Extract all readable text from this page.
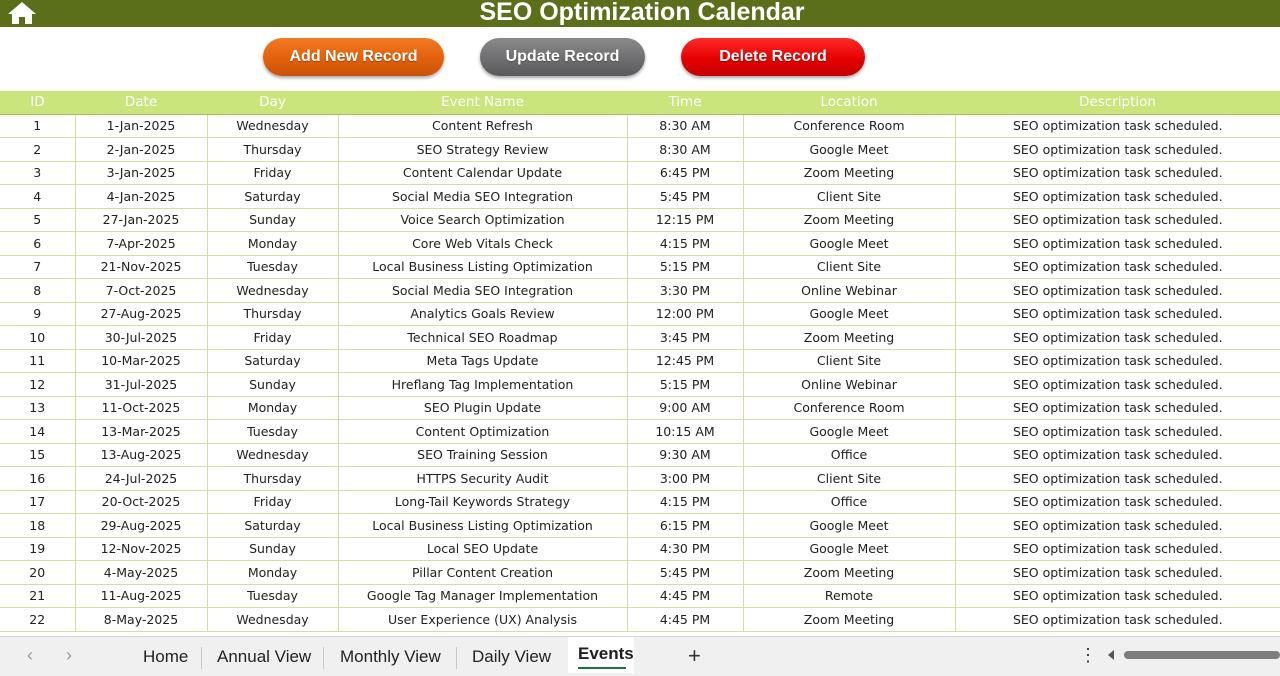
SEO Optimization Calendar
Add New Record	Update Record	Delete Record
ID	Date	Day	Event Name	Time	Location	Description
1	1-Jan-2025	Wednesday	Content Refresh	8:30 AM	Conference Room	SEO optimization task scheduled.
2	2-Jan-2025	Thursday	SEO Strategy Review	8:30 AM	Google Meet	SEO optimization task scheduled.
3	3-Jan-2025	Friday	Content Calendar Update	6:45 PM	Zoom Meeting	SEO optimization task scheduled.
4	4-Jan-2025	Saturday	Social Media SEO Integration	5:45 PM	Client Site	SEO optimization task scheduled.
5	27-Jan-2025	Sunday	Voice Search Optimization	12:15 PM	Zoom Meeting	SEO optimization task scheduled.
6	7-Apr-2025	Monday	Core Web Vitals Check	4:15 PM	Google Meet	SEO optimization task scheduled.
7	21-Nov-2025	Tuesday	Local Business Listing Optimization	5:15 PM	Client Site	SEO optimization task scheduled.
8	7-Oct-2025	Wednesday	Social Media SEO Integration	3:30 PM	Online Webinar	SEO optimization task scheduled.
9	27-Aug-2025	Thursday	Analytics Goals Review	12:00 PM	Google Meet	SEO optimization task scheduled.
10	30-Jul-2025	Friday	Technical SEO Roadmap	3:45 PM	Zoom Meeting	SEO optimization task scheduled.
11	10-Mar-2025	Saturday	Meta Tags Update	12:45 PM	Client Site	SEO optimization task scheduled.
12	31-Jul-2025	Sunday	Hreflang Tag Implementation	5:15 PM	Online Webinar	SEO optimization task scheduled.
13	11-Oct-2025	Monday	SEO Plugin Update	9:00 AM	Conference Room	SEO optimization task scheduled.
14	13-Mar-2025	Tuesday	Content Optimization	10:15 AM	Google Meet	SEO optimization task scheduled.
15	13-Aug-2025	Wednesday	SEO Training Session	9:30 AM	Office	SEO optimization task scheduled.
16	24-Jul-2025	Thursday	HTTPS Security Audit	3:00 PM	Client Site	SEO optimization task scheduled.
17	20-Oct-2025	Friday	Long-Tail Keywords Strategy	4:15 PM	Office	SEO optimization task scheduled.
18	29-Aug-2025	Saturday	Local Business Listing Optimization	6:15 PM	Google Meet	SEO optimization task scheduled.
19	12-Nov-2025	Sunday	Local SEO Update	4:30 PM	Google Meet	SEO optimization task scheduled.
20	4-May-2025	Monday	Pillar Content Creation	5:45 PM	Zoom Meeting	SEO optimization task scheduled.
21	11-Aug-2025	Tuesday	Google Tag Manager Implementation	4:45 PM	Remote	SEO optimization task scheduled.
22	8-May-2025	Wednesday	User Experience (UX) Analysis	4:45 PM	Zoom Meeting	SEO optimization task scheduled.
‹ ›	Home Annual View Monthly View Daily View Events +	⋮
